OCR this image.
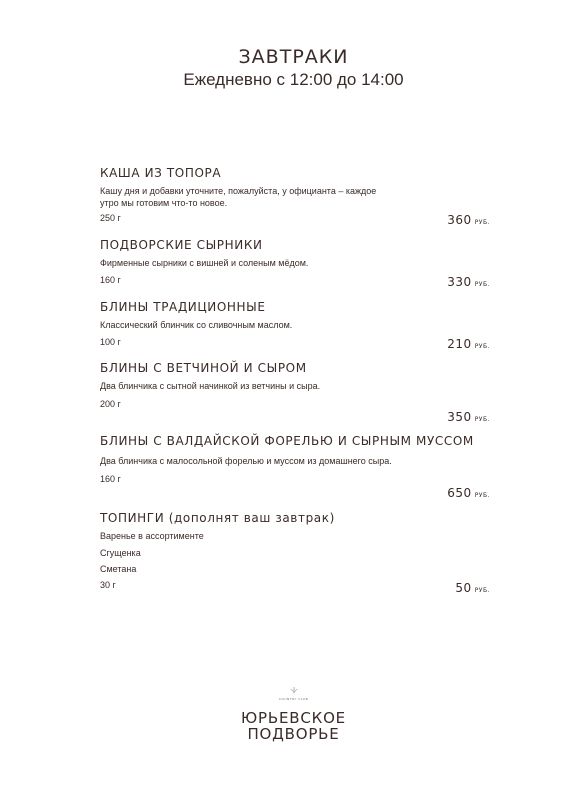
ЗАВТРАКИ
Ежедневно с 12:00 до 14:00
КАША ИЗ ТОПОРА
Кашу дня и добавки уточните, пожалуйста, у официанта – каждое утро мы готовим что-то новое.
250 г	360 РУБ.
ПОДВОРСКИЕ СЫРНИКИ
Фирменные сырники с вишней и соленым мёдом.
160 г	330 РУБ.
БЛИНЫ ТРАДИЦИОННЫЕ
Классический блинчик со сливочным маслом.
100 г	210 РУБ.
БЛИНЫ С ВЕТЧИНОЙ И СЫРОМ
Два блинчика с сытной начинкой из ветчины и сыра.
200 г
350 РУБ.
БЛИНЫ С ВАЛДАЙСКОЙ ФОРЕЛЬЮ И СЫРНЫМ МУССОМ
Два блинчика с малосольной форелью и муссом из домашнего сыра.
160 г
650 РУБ.
ТОПИНГИ (дополнят ваш завтрак)
Варенье в ассортименте
Сгущенка
Сметана
30 г	50 РУБ.
COUNTRY CLUB
ЮРЬЕВСКОЕ
ПОДВОРЬЕ
